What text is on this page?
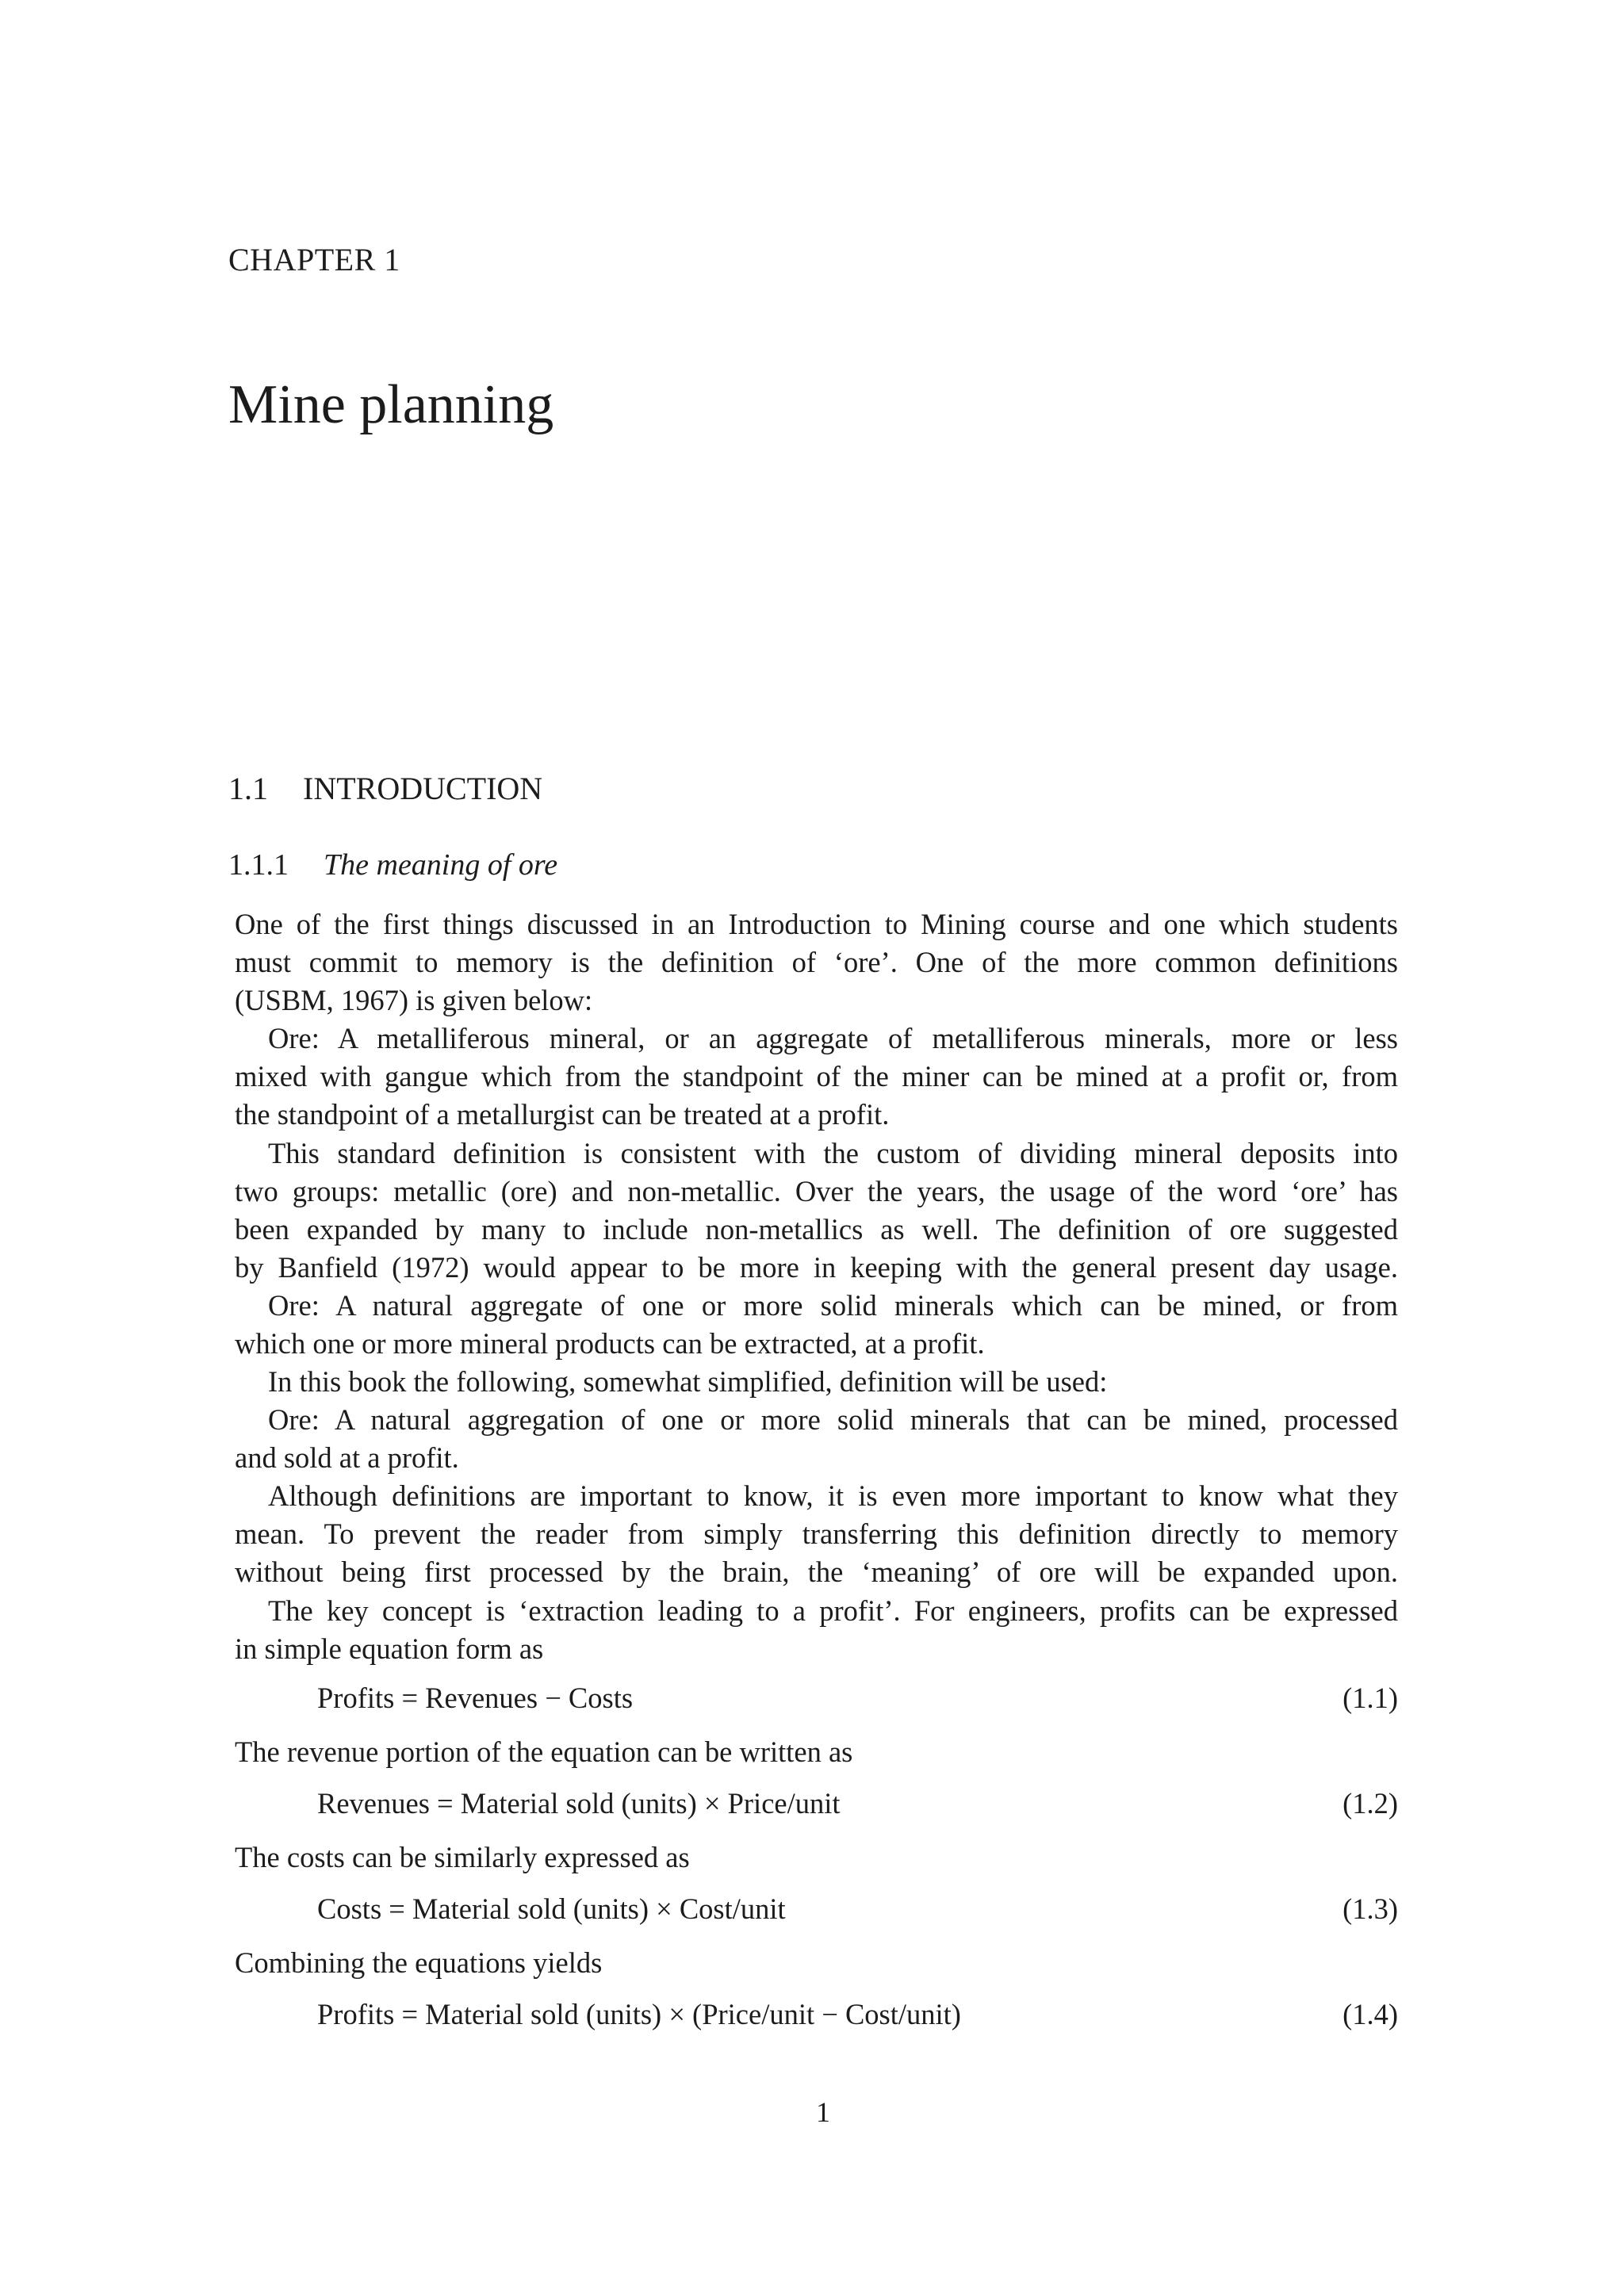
CHAPTER 1
Mine planning
1.1 INTRODUCTION
1.1.1 The meaning of ore
One of the first things discussed in an Introduction to Mining course and one which students
must commit to memory is the definition of ‘ore’. One of the more common definitions
(USBM, 1967) is given below:
Ore: A metalliferous mineral, or an aggregate of metalliferous minerals, more or less
mixed with gangue which from the standpoint of the miner can be mined at a profit or, from
the standpoint of a metallurgist can be treated at a profit.
This standard definition is consistent with the custom of dividing mineral deposits into
two groups: metallic (ore) and non-metallic. Over the years, the usage of the word ‘ore’ has
been expanded by many to include non-metallics as well. The definition of ore suggested
by Banfield (1972) would appear to be more in keeping with the general present day usage.
Ore: A natural aggregate of one or more solid minerals which can be mined, or from
which one or more mineral products can be extracted, at a profit.
In this book the following, somewhat simplified, definition will be used:
Ore: A natural aggregation of one or more solid minerals that can be mined, processed
and sold at a profit.
Although definitions are important to know, it is even more important to know what they
mean. To prevent the reader from simply transferring this definition directly to memory
without being first processed by the brain, the ‘meaning’ of ore will be expanded upon.
The key concept is ‘extraction leading to a profit’. For engineers, profits can be expressed
in simple equation form as
The revenue portion of the equation can be written as
The costs can be similarly expressed as
Combining the equations yields
Profits = Revenues − Costs	(1.1)
Revenues = Material sold (units) × Price/unit	(1.2)
Costs = Material sold (units) × Cost/unit	(1.3)
Profits = Material sold (units) × (Price/unit − Cost/unit)	(1.4)
1
